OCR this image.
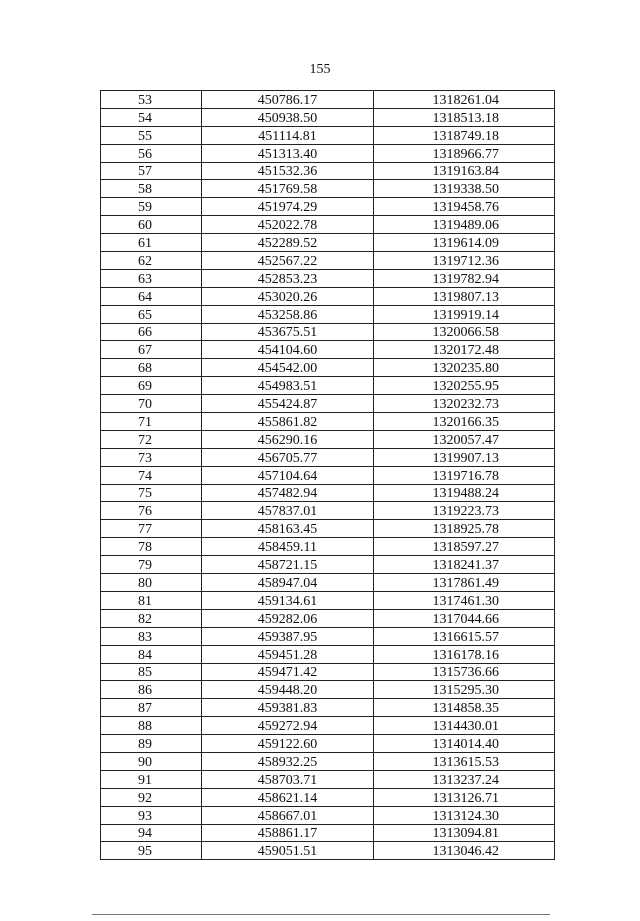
155
53	450786.17	1318261.04
54	450938.50	1318513.18
55	451114.81	1318749.18
56	451313.40	1318966.77
57	451532.36	1319163.84
58	451769.58	1319338.50
59	451974.29	1319458.76
60	452022.78	1319489.06
61	452289.52	1319614.09
62	452567.22	1319712.36
63	452853.23	1319782.94
64	453020.26	1319807.13
65	453258.86	1319919.14
66	453675.51	1320066.58
67	454104.60	1320172.48
68	454542.00	1320235.80
69	454983.51	1320255.95
70	455424.87	1320232.73
71	455861.82	1320166.35
72	456290.16	1320057.47
73	456705.77	1319907.13
74	457104.64	1319716.78
75	457482.94	1319488.24
76	457837.01	1319223.73
77	458163.45	1318925.78
78	458459.11	1318597.27
79	458721.15	1318241.37
80	458947.04	1317861.49
81	459134.61	1317461.30
82	459282.06	1317044.66
83	459387.95	1316615.57
84	459451.28	1316178.16
85	459471.42	1315736.66
86	459448.20	1315295.30
87	459381.83	1314858.35
88	459272.94	1314430.01
89	459122.60	1314014.40
90	458932.25	1313615.53
91	458703.71	1313237.24
92	458621.14	1313126.71
93	458667.01	1313124.30
94	458861.17	1313094.81
95	459051.51	1313046.42
